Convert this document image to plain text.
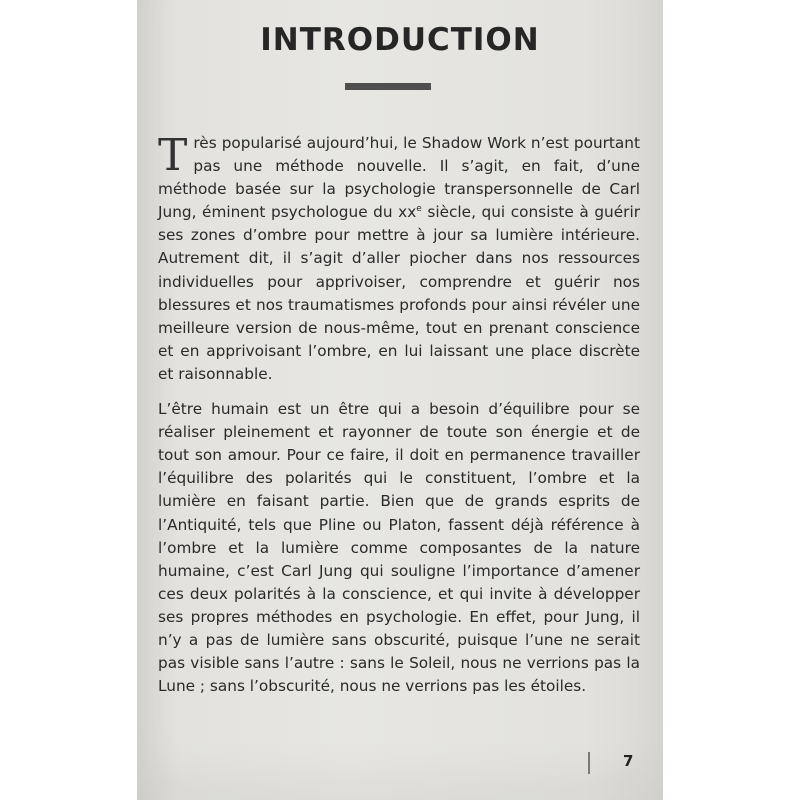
INTRODUCTION

Très popularisé aujourd’hui, le Shadow Work n’est pourtant pas une méthode nouvelle. Il s’agit, en fait, d’une méthode basée sur la psychologie transpersonnelle de Carl Jung, éminent psychologue du $xx^e$ siècle, qui consiste à guérir ses zones d’ombre pour mettre à jour sa lumière intérieure. Autrement dit, il s’agit d’aller piocher dans nos ressources individuelles pour apprivoiser, comprendre et guérir nos blessures et nos traumatismes profonds pour ainsi révéler une meilleure version de nous-même, tout en prenant conscience et en apprivoisant l’ombre, en lui laissant une place discrète et raisonnable.

L’être humain est un être qui a besoin d’équilibre pour se réaliser pleinement et rayonner de toute son énergie et de tout son amour. Pour ce faire, il doit en permanence travailler l’équilibre des polarités qui le constituent, l’ombre et la lumière en faisant partie. Bien que de grands esprits de l’Antiquité, tels que Pline ou Platon, fassent déjà référence à l’ombre et la lumière comme composantes de la nature humaine, c’est Carl Jung qui souligne l’importance d’amener ces deux polarités à la conscience, et qui invite à développer ses propres méthodes en psychologie. En effet, pour Jung, il n’y a pas de lumière sans obscurité, puisque l’une ne serait pas visible sans l’autre : sans le Soleil, nous ne verrions pas la Lune ; sans l’obscurité, nous ne verrions pas les étoiles.

7
